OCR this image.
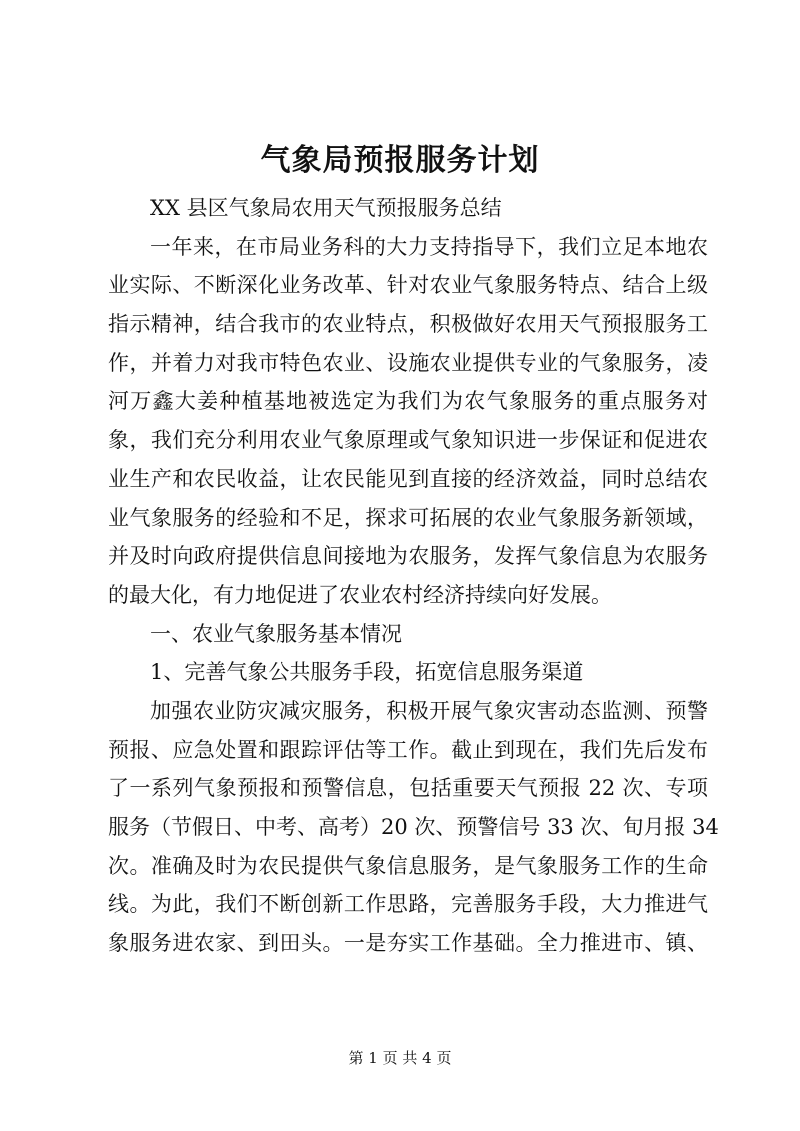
气象局预报服务计划
XX 县区气象局农用天气预报服务总结
一年来，在市局业务科的大力支持指导下，我们立足本地农
业实际、不断深化业务改革、针对农业气象服务特点、结合上级
指示精神，结合我市的农业特点，积极做好农用天气预报服务工
作，并着力对我市特色农业、设施农业提供专业的气象服务，凌
河万鑫大姜种植基地被选定为我们为农气象服务的重点服务对
象，我们充分利用农业气象原理或气象知识进一步保证和促进农
业生产和农民收益，让农民能见到直接的经济效益，同时总结农
业气象服务的经验和不足，探求可拓展的农业气象服务新领域，
并及时向政府提供信息间接地为农服务，发挥气象信息为农服务
的最大化，有力地促进了农业农村经济持续向好发展。
一、农业气象服务基本情况
1、完善气象公共服务手段，拓宽信息服务渠道
加强农业防灾减灾服务，积极开展气象灾害动态监测、预警
预报、应急处置和跟踪评估等工作。截止到现在，我们先后发布
了一系列气象预报和预警信息，包括重要天气预报 22 次、专项
服务（节假日、中考、高考）20 次、预警信号 33 次、旬月报 34
次。准确及时为农民提供气象信息服务，是气象服务工作的生命
线。为此，我们不断创新工作思路，完善服务手段，大力推进气
象服务进农家、到田头。一是夯实工作基础。全力推进市、镇、
第 1 页 共 4 页
